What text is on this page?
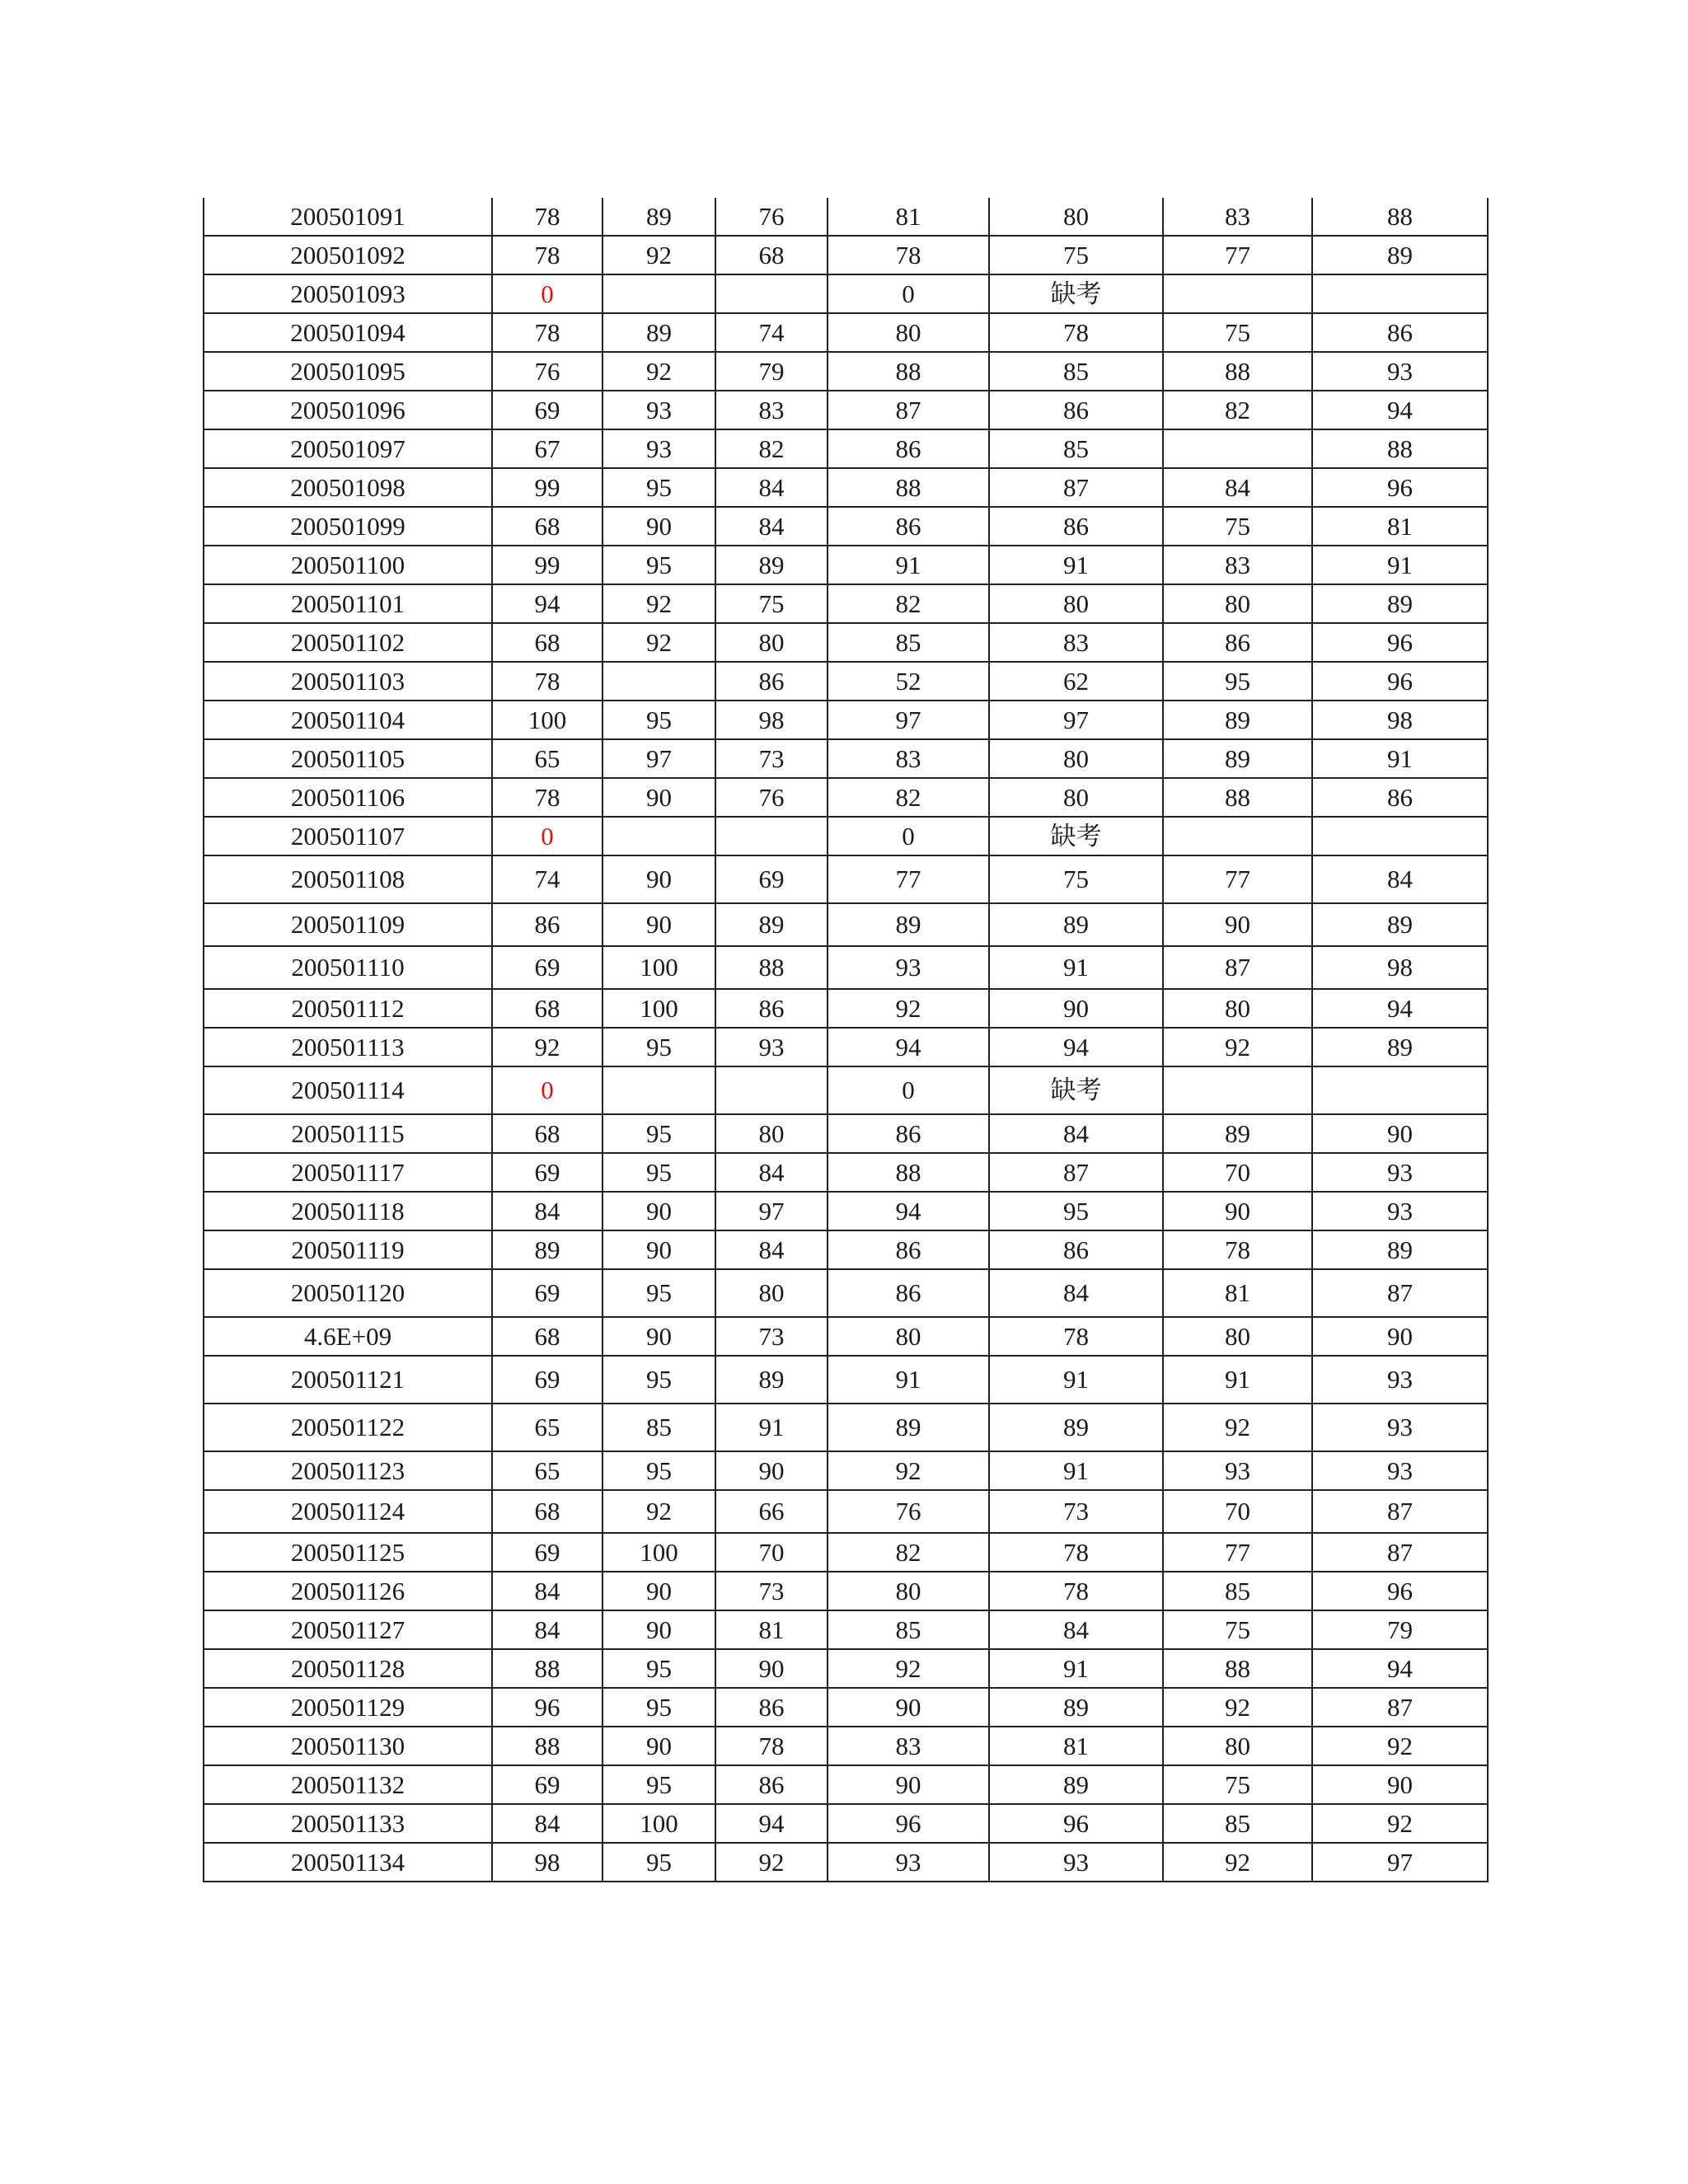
200501091	78	89	76	81	80	83	88
200501092	78	92	68	78	75	77	89
200501093	0			0	缺考		
200501094	78	89	74	80	78	75	86
200501095	76	92	79	88	85	88	93
200501096	69	93	83	87	86	82	94
200501097	67	93	82	86	85		88
200501098	99	95	84	88	87	84	96
200501099	68	90	84	86	86	75	81
200501100	99	95	89	91	91	83	91
200501101	94	92	75	82	80	80	89
200501102	68	92	80	85	83	86	96
200501103	78		86	52	62	95	96
200501104	100	95	98	97	97	89	98
200501105	65	97	73	83	80	89	91
200501106	78	90	76	82	80	88	86
200501107	0			0	缺考		
200501108	74	90	69	77	75	77	84
200501109	86	90	89	89	89	90	89
200501110	69	100	88	93	91	87	98
200501112	68	100	86	92	90	80	94
200501113	92	95	93	94	94	92	89
200501114	0			0	缺考		
200501115	68	95	80	86	84	89	90
200501117	69	95	84	88	87	70	93
200501118	84	90	97	94	95	90	93
200501119	89	90	84	86	86	78	89
200501120	69	95	80	86	84	81	87
4.6E+09	68	90	73	80	78	80	90
200501121	69	95	89	91	91	91	93
200501122	65	85	91	89	89	92	93
200501123	65	95	90	92	91	93	93
200501124	68	92	66	76	73	70	87
200501125	69	100	70	82	78	77	87
200501126	84	90	73	80	78	85	96
200501127	84	90	81	85	84	75	79
200501128	88	95	90	92	91	88	94
200501129	96	95	86	90	89	92	87
200501130	88	90	78	83	81	80	92
200501132	69	95	86	90	89	75	90
200501133	84	100	94	96	96	85	92
200501134	98	95	92	93	93	92	97
